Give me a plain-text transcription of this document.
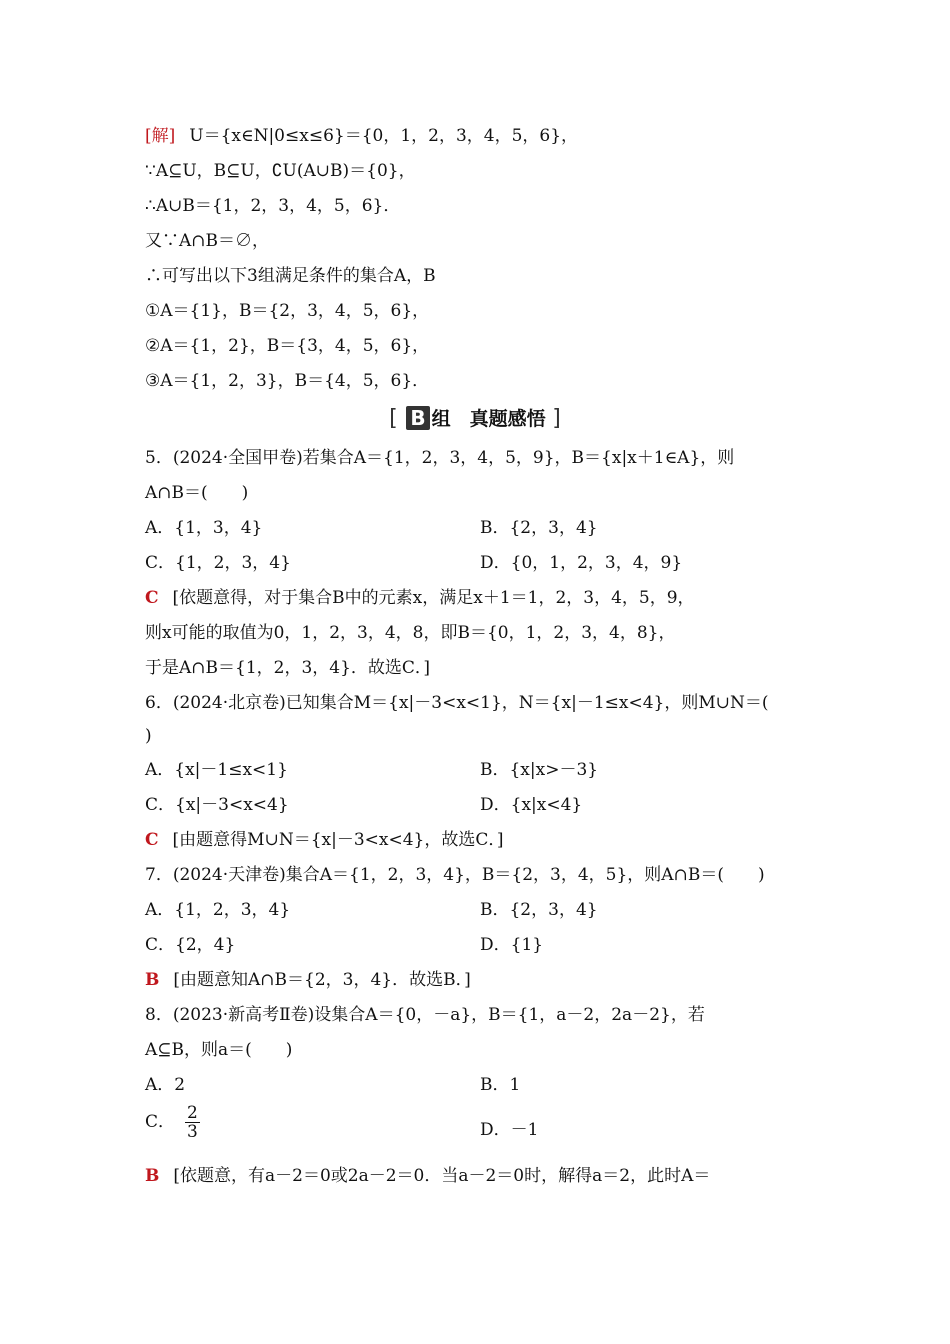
[解] U＝{x∈N|0≤x≤6}＝{0，1，2，3，4，5，6}，
∵A⊆U，B⊆U，∁U(A∪B)＝{0}，
∴A∪B＝{1，2，3，4，5，6}．
又∵A∩B＝∅，
∴可写出以下3组满足条件的集合A，B
①A＝{1}，B＝{2，3，4，5，6}，
②A＝{1，2}，B＝{3，4，5，6}，
③A＝{1，2，3}，B＝{4，5，6}．
[ B 组　真题感悟 ]
5．(2024·全国甲卷)若集合A＝{1，2，3，4，5，9}，B＝{x|x＋1∈A}，则
A∩B＝(　　)
A．{1，3，4}	B．{2，3，4}
C．{1，2，3，4}	D．{0，1，2，3，4，9}
C [依题意得，对于集合B中的元素x，满足x＋1＝1，2，3，4，5，9，
则x可能的取值为0，1，2，3，4，8，即B＝{0，1，2，3，4，8}，
于是A∩B＝{1，2，3，4}．故选C．]
6．(2024·北京卷)已知集合M＝{x|－3<x<1}，N＝{x|－1≤x<4}，则M∪N＝(
)
A．{x|－1≤x<1}	B．{x|x>－3}
C．{x|－3<x<4}	D．{x|x<4}
C [由题意得M∪N＝{x|－3<x<4}，故选C．]
7．(2024·天津卷)集合A＝{1，2，3，4}，B＝{2，3，4，5}，则A∩B＝(　　)
A．{1，2，3，4}	B．{2，3，4}
C．{2，4}	D．{1}
B [由题意知A∩B＝{2，3，4}．故选B．]
8．(2023·新高考Ⅱ卷)设集合A＝{0，－a}，B＝{1，a－2，2a－2}，若
A⊆B，则a＝(　　)
A．2	B．1
C． $\frac{2}{3}$	D．－1
B [依题意，有a－2＝0或2a－2＝0．当a－2＝0时，解得a＝2，此时A＝
